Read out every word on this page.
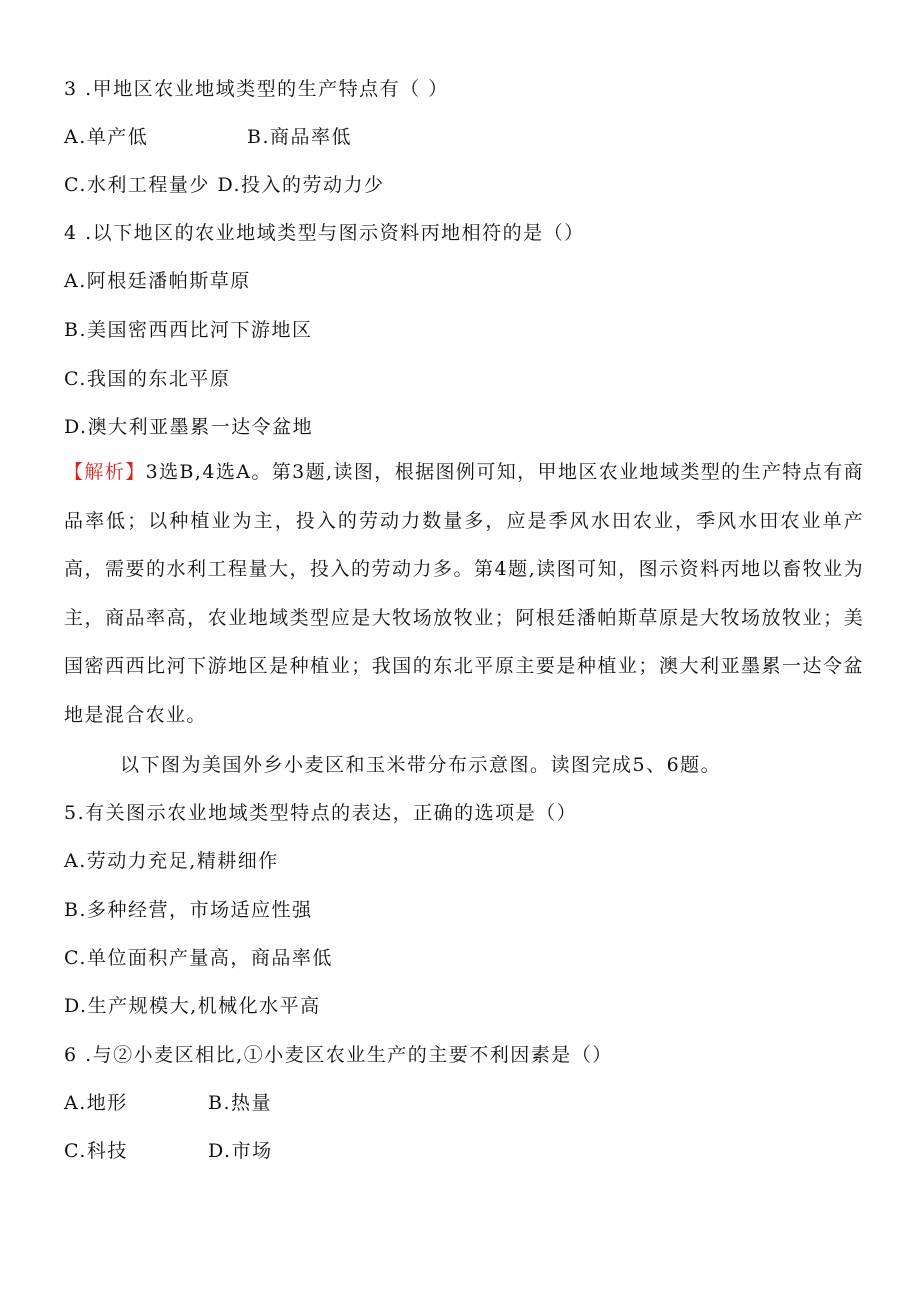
3 .甲地区农业地域类型的生产特点有（ ）
A.单产低	B.商品率低
C.水利工程量少 D.投入的劳动力少
4 .以下地区的农业地域类型与图示资料丙地相符的是（）
A.阿根廷潘帕斯草原
B.美国密西西比河下游地区
C.我国的东北平原
D.澳大利亚墨累一达令盆地
【解析】3选B,4选A。第3题,读图，根据图例可知，甲地区农业地域类型的生产特点有商品率低；以种植业为主，投入的劳动力数量多，应是季风水田农业，季风水田农业单产高，需要的水利工程量大，投入的劳动力多。第4题,读图可知，图示资料丙地以畜牧业为主，商品率高，农业地域类型应是大牧场放牧业；阿根廷潘帕斯草原是大牧场放牧业；美国密西西比河下游地区是种植业；我国的东北平原主要是种植业；澳大利亚墨累一达令盆地是混合农业。
以下图为美国外乡小麦区和玉米带分布示意图。读图完成5、6题。
5.有关图示农业地域类型特点的表达，正确的选项是（）
A.劳动力充足,精耕细作
B.多种经营，市场适应性强
C.单位面积产量高，商品率低
D.生产规模大,机械化水平高
6 .与②小麦区相比,①小麦区农业生产的主要不利因素是（）
A.地形	B.热量
C.科技	D.市场
